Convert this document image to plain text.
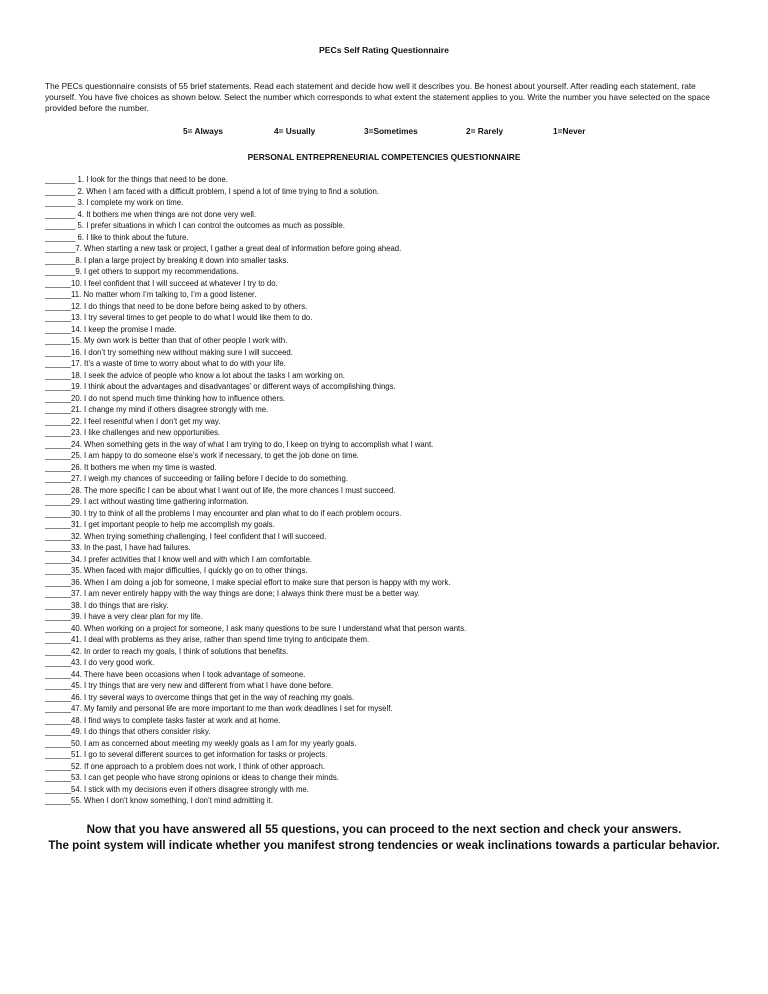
PECs Self Rating Questionnaire
The PECs questionnaire consists of 55 brief statements. Read each statement and decide how well it describes you. Be honest about yourself. After reading each statement, rate yourself. You have five choices as shown below. Select the number which corresponds to what extent the statement applies to you. Write the number you have selected on the space provided before the number.
5= Always	4= Usually	3=Sometimes	2= Rarely	1=Never
PERSONAL ENTREPRENEURIAL COMPETENCIES QUESTIONNAIRE
_______ 1. I look for the things that need to be done.
_______ 2. When I am faced with a difficult problem, I spend a lot of time trying to find a solution.
_______ 3. I complete my work on time.
_______ 4. It bothers me when things are not done very well.
_______ 5. I prefer situations in which I can control the outcomes as much as possible.
_______ 6. I like to think about the future.
_______7. When starting a new task or project, I gather a great deal of information before going ahead.
_______8. I plan a large project by breaking it down into smaller tasks.
_______9. I get others to support my recommendations.
______10. I feel confident that I will succeed at whatever I try to do.
______11. No matter whom I’m talking to, I’m a good listener.
______12. I do things that need to be done before being asked to by others.
______13. I try several times to get people to do what I would like them to do.
______14. I keep the promise I made.
______15. My own work is better than that of other people I work with.
______16. I don’t try something new without making sure I will succeed.
______17. It’s a waste of time to worry about what to do with your life.
______18. I seek the advice of people who know a lot about the tasks I am working on.
______19. I think about the advantages and disadvantages’ or different ways of accomplishing things.
______20. I do not spend much time thinking how to influence others.
______21. I change my mind if others disagree strongly with me.
______22. I feel resentful when I don’t get my way.
______23. I like challenges and new opportunities.
______24. When something gets in the way of what I am trying to do, I keep on trying to accomplish what I want.
______25. I am happy to do someone else’s work if necessary, to get the job done on time.
______26. It bothers me when my time is wasted.
______27. I weigh my chances of succeeding or failing before I decide to do something.
______28. The more specific I can be about what I want out of life, the more chances I must succeed.
______29. I act without wasting time gathering information.
______30. I try to think of all the problems I may encounter and plan what to do if each problem occurs.
______31. I get important people to help me accomplish my goals.
______32. When trying something challenging, I feel confident that I will succeed.
______33. In the past, I have had failures.
______34. I prefer activities that I know well and with which I am comfortable.
______35. When faced with major difficulties, I quickly go on to other things.
______36. When I am doing a job for someone, I make special effort to make sure that person is happy with my work.
______37. I am never entirely happy with the way things are done; I always think there must be a better way.
______38. I do things that are risky.
______39. I have a very clear plan for my life.
______40. When working on a project for someone, I ask many questions to be sure I understand what that person wants.
______41. I deal with problems as they arise, rather than spend time trying to anticipate them.
______42. In order to reach my goals, I think of solutions that benefits.
______43. I do very good work.
______44. There have been occasions when I took advantage of someone.
______45. I try things that are very new and different from what I have done before.
______46. I try several ways to overcome things that get in the way of reaching my goals.
______47. My family and personal life are more important to me than work deadlines I set for myself.
______48. I find ways to complete tasks faster at work and at home.
______49. I do things that others consider risky.
______50. I am as concerned about meeting my weekly goals as I am for my yearly goals.
______51. I go to several different sources to get information for tasks or projects.
______52. If one approach to a problem does not work, I think of other approach.
______53. I can get people who have strong opinions or ideas to change their minds.
______54. I stick with my decisions even if others disagree strongly with me.
______55. When I don’t know something, I don’t mind admitting it.
Now that you have answered all 55 questions, you can proceed to the next section and check your answers.
The point system will indicate whether you manifest strong tendencies or weak inclinations towards a particular behavior.
